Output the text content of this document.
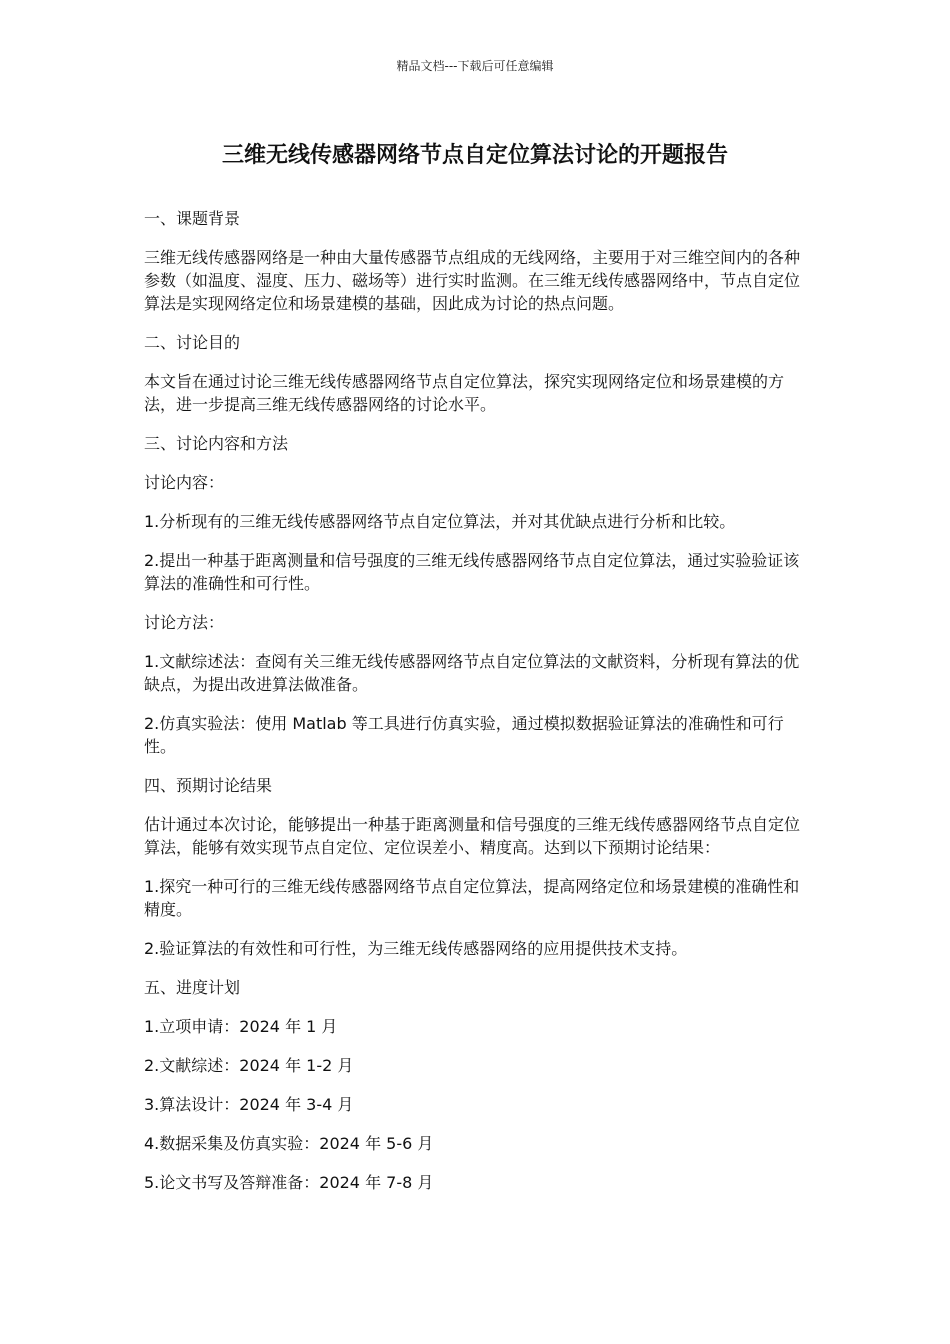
精品文档---下载后可任意编辑
三维无线传感器网络节点自定位算法讨论的开题报告

一、课题背景

三维无线传感器网络是一种由大量传感器节点组成的无线网络，主要用于对三维空间内的各种参数（如温度、湿度、压力、磁场等）进行实时监测。在三维无线传感器网络中，节点自定位算法是实现网络定位和场景建模的基础，因此成为讨论的热点问题。

二、讨论目的

本文旨在通过讨论三维无线传感器网络节点自定位算法，探究实现网络定位和场景建模的方法，进一步提高三维无线传感器网络的讨论水平。

三、讨论内容和方法

讨论内容：

1.分析现有的三维无线传感器网络节点自定位算法，并对其优缺点进行分析和比较。

2.提出一种基于距离测量和信号强度的三维无线传感器网络节点自定位算法，通过实验验证该算法的准确性和可行性。

讨论方法：

1.文献综述法：查阅有关三维无线传感器网络节点自定位算法的文献资料，分析现有算法的优缺点，为提出改进算法做准备。

2.仿真实验法：使用 Matlab 等工具进行仿真实验，通过模拟数据验证算法的准确性和可行性。

四、预期讨论结果

估计通过本次讨论，能够提出一种基于距离测量和信号强度的三维无线传感器网络节点自定位算法，能够有效实现节点自定位、定位误差小、精度高。达到以下预期讨论结果：

1.探究一种可行的三维无线传感器网络节点自定位算法，提高网络定位和场景建模的准确性和精度。

2.验证算法的有效性和可行性，为三维无线传感器网络的应用提供技术支持。

五、进度计划

1.立项申请：2024 年 1 月

2.文献综述：2024 年 1-2 月

3.算法设计：2024 年 3-4 月

4.数据采集及仿真实验：2024 年 5-6 月

5.论文书写及答辩准备：2024 年 7-8 月
